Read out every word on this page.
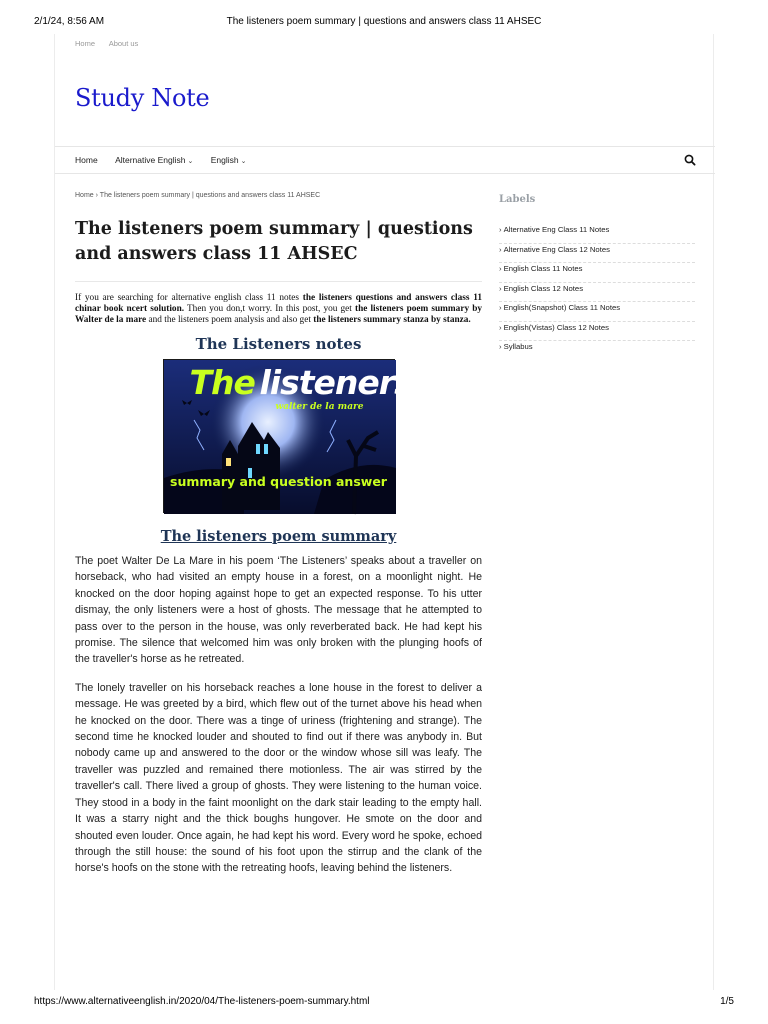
2/1/24, 8:56 AM	The listeners poem summary | questions and answers class 11 AHSEC
Home About us
Study Note
Home Alternative English ⌄ English ⌄
Home › The listeners poem summary | questions and answers class 11 AHSEC
The listeners poem summary | questions and answers class 11 AHSEC

If you are searching for alternative english class 11 notes the listeners questions and answers class 11 chinar book ncert solution. Then you don,t worry. In this post, you get the listeners poem summary by Walter de la mare and the listeners poem analysis and also get the listeners summary stanza by stanza.

The Listeners notes
The listeners
walter de la mare
summary and question answer
The listeners poem summary

The poet Walter De La Mare in his poem ‘The Listeners’ speaks about a traveller on horseback, who had visited an empty house in a forest, on a moonlight night. He knocked on the door hoping against hope to get an expected response. To his utter dismay, the only listeners were a host of ghosts. The message that he attempted to pass over to the person in the house, was only reverberated back. He had kept his promise. The silence that welcomed him was only broken with the plunging hoofs of the traveller's horse as he retreated.

The lonely traveller on his horseback reaches a lone house in the forest to deliver a message. He was greeted by a bird, which flew out of the turnet above his head when he knocked on the door. There was a tinge of uriness (frightening and strange). The second time he knocked louder and shouted to find out if there was anybody in. But nobody came up and answered to the door or the window whose sill was leafy. The traveller was puzzled and remained there motionless. The air was stirred by the traveller's call. There lived a group of ghosts. They were listening to the human voice. They stood in a body in the faint moonlight on the dark stair leading to the empty hall. It was a starry night and the thick boughs hungover. He smote on the door and shouted even louder. Once again, he had kept his word. Every word he spoke, echoed through the still house: the sound of his foot upon the stirrup and the clank of the horse's hoofs on the stone with the retreating hoofs, leaving behind the listeners.

Labels
› Alternative Eng Class 11 Notes
› Alternative Eng Class 12 Notes
› English Class 11 Notes
› English Class 12 Notes
› English(Snapshot) Class 11 Notes
› English(Vistas) Class 12 Notes
› Syllabus
https://www.alternativeenglish.in/2020/04/The-listeners-poem-summary.html	1/5
